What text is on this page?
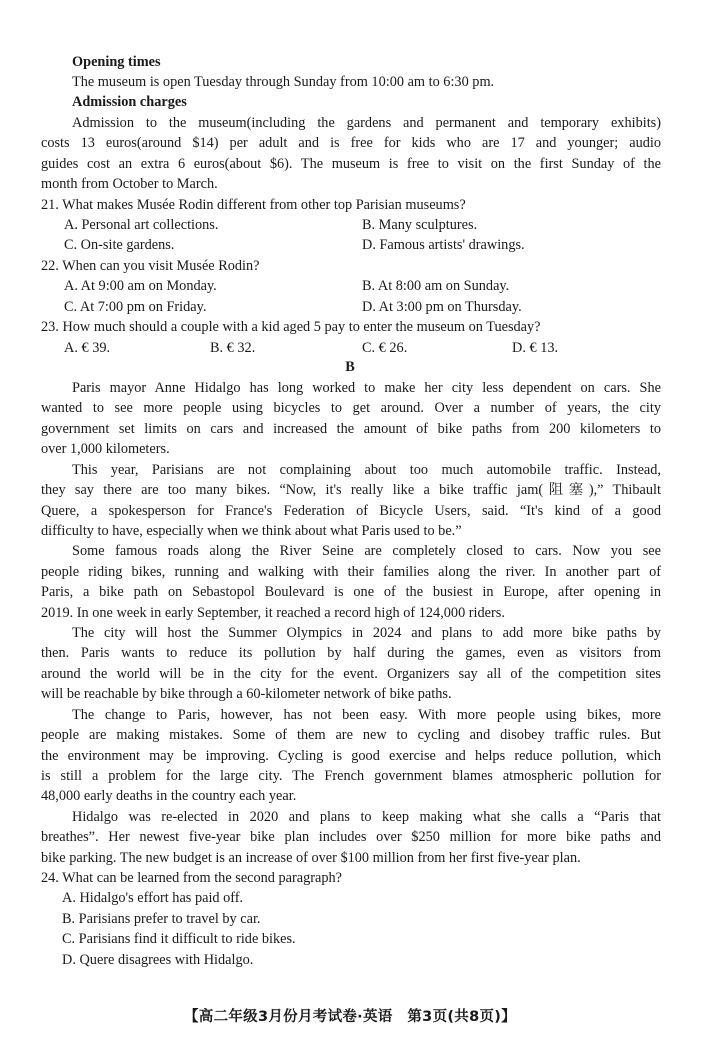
Opening times
The museum is open Tuesday through Sunday from 10:00 am to 6:30 pm.
Admission charges
Admission to the museum(including the gardens and permanent and temporary exhibits)
costs 13 euros(around $14) per adult and is free for kids who are 17 and younger; audio
guides cost an extra 6 euros(about $6). The museum is free to visit on the first Sunday of the
month from October to March.
21. What makes Musée Rodin different from other top Parisian museums?
A. Personal art collections.	B. Many sculptures.
C. On-site gardens.	D. Famous artists' drawings.
22. When can you visit Musée Rodin?
A. At 9:00 am on Monday.	B. At 8:00 am on Sunday.
C. At 7:00 pm on Friday.	D. At 3:00 pm on Thursday.
23. How much should a couple with a kid aged 5 pay to enter the museum on Tuesday?
A. € 39.	B. € 32.	C. € 26.	D. € 13.
B
Paris mayor Anne Hidalgo has long worked to make her city less dependent on cars. She
wanted to see more people using bicycles to get around. Over a number of years, the city
government set limits on cars and increased the amount of bike paths from 200 kilometers to
over 1,000 kilometers.
This year, Parisians are not complaining about too much automobile traffic. Instead,
they say there are too many bikes. “Now, it's really like a bike traffic jam(阻塞),” Thibault
Quere, a spokesperson for France's Federation of Bicycle Users, said. “It's kind of a good
difficulty to have, especially when we think about what Paris used to be.”
Some famous roads along the River Seine are completely closed to cars. Now you see
people riding bikes, running and walking with their families along the river. In another part of
Paris, a bike path on Sebastopol Boulevard is one of the busiest in Europe, after opening in
2019. In one week in early September, it reached a record high of 124,000 riders.
The city will host the Summer Olympics in 2024 and plans to add more bike paths by
then. Paris wants to reduce its pollution by half during the games, even as visitors from
around the world will be in the city for the event. Organizers say all of the competition sites
will be reachable by bike through a 60-kilometer network of bike paths.
The change to Paris, however, has not been easy. With more people using bikes, more
people are making mistakes. Some of them are new to cycling and disobey traffic rules. But
the environment may be improving. Cycling is good exercise and helps reduce pollution, which
is still a problem for the large city. The French government blames atmospheric pollution for
48,000 early deaths in the country each year.
Hidalgo was re-elected in 2020 and plans to keep making what she calls a “Paris that
breathes”. Her newest five-year bike plan includes over $250 million for more bike paths and
bike parking. The new budget is an increase of over $100 million from her first five-year plan.
24. What can be learned from the second paragraph?
A. Hidalgo's effort has paid off.
B. Parisians prefer to travel by car.
C. Parisians find it difficult to ride bikes.
D. Quere disagrees with Hidalgo.
【高二年级3月份月考试卷·英语　第3页(共8页)】
